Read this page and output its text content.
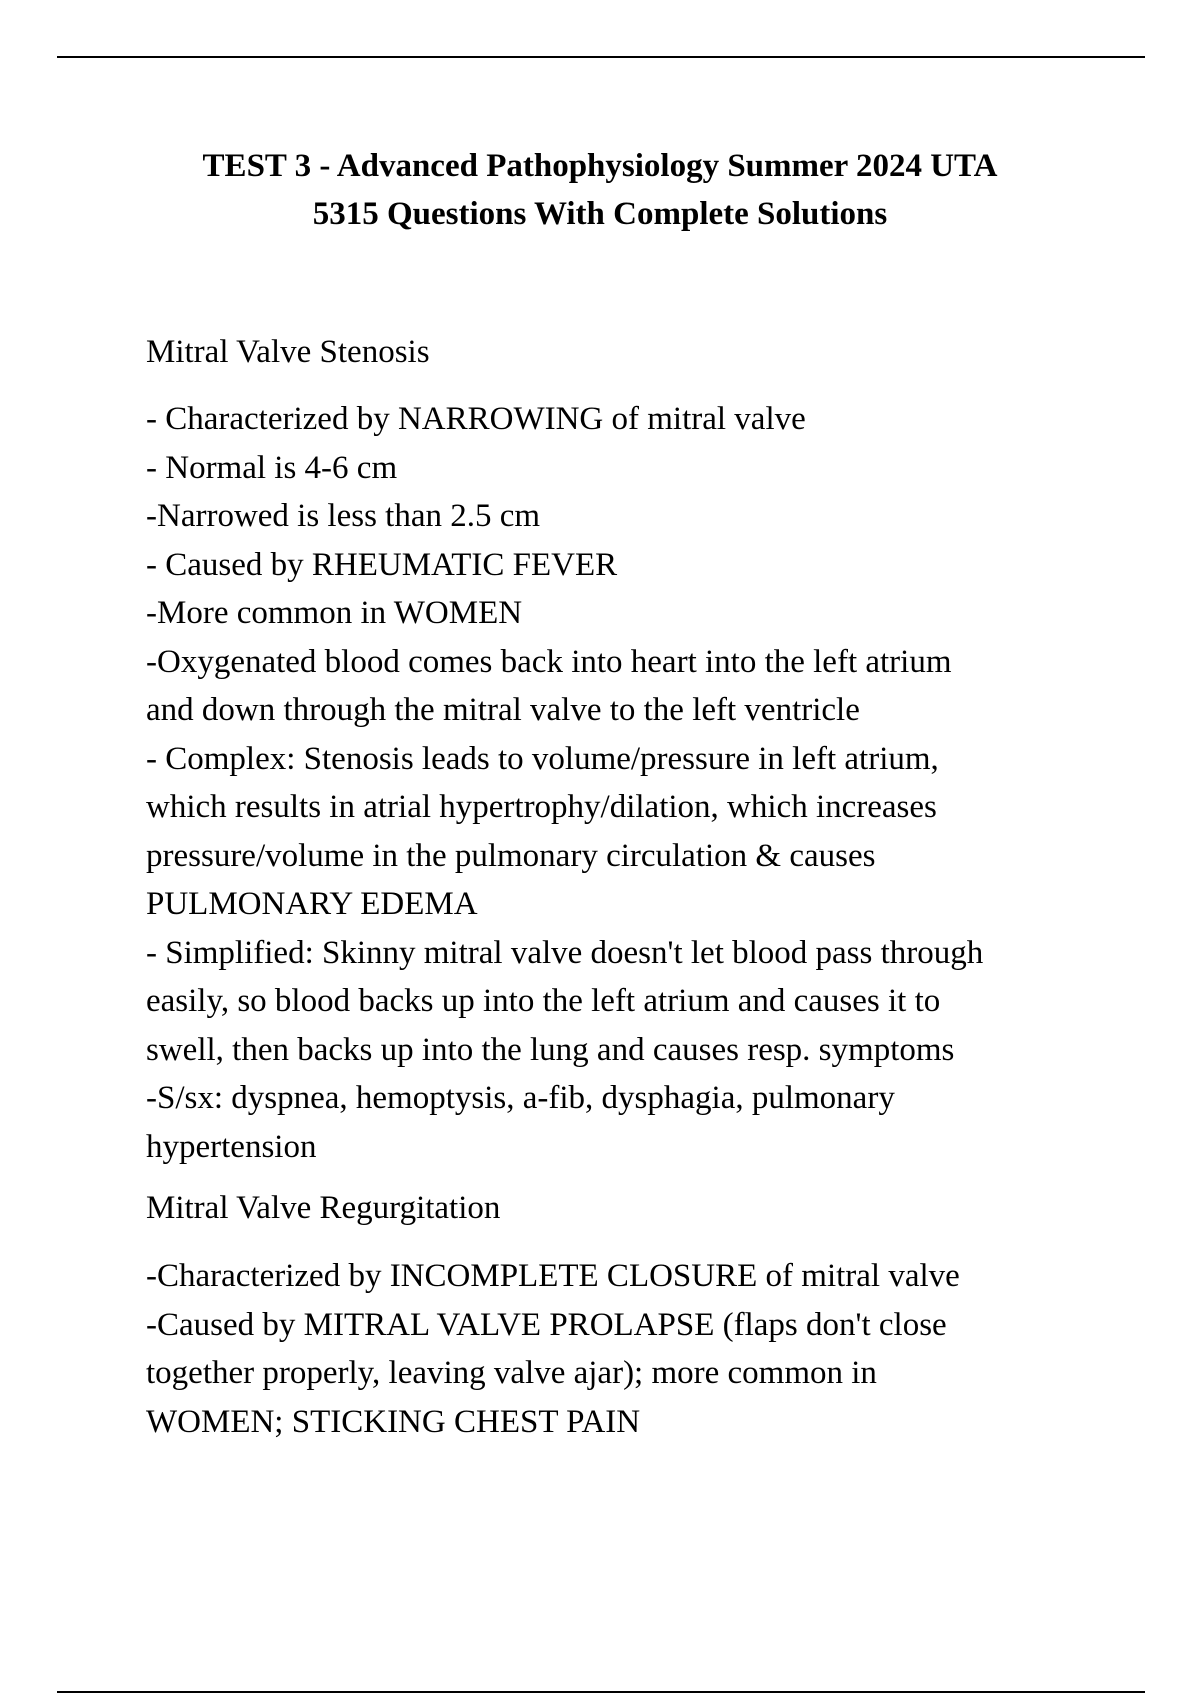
TEST 3 - Advanced Pathophysiology Summer 2024 UTA
5315 Questions With Complete Solutions
Mitral Valve Stenosis
- Characterized by NARROWING of mitral valve
- Normal is 4-6 cm
-Narrowed is less than 2.5 cm
- Caused by RHEUMATIC FEVER
-More common in WOMEN
-Oxygenated blood comes back into heart into the left atrium
and down through the mitral valve to the left ventricle
- Complex: Stenosis leads to volume/pressure in left atrium,
which results in atrial hypertrophy/dilation, which increases
pressure/volume in the pulmonary circulation & causes
PULMONARY EDEMA
- Simplified: Skinny mitral valve doesn't let blood pass through
easily, so blood backs up into the left atrium and causes it to
swell, then backs up into the lung and causes resp. symptoms
-S/sx: dyspnea, hemoptysis, a-fib, dysphagia, pulmonary
hypertension
Mitral Valve Regurgitation
-Characterized by INCOMPLETE CLOSURE of mitral valve
-Caused by MITRAL VALVE PROLAPSE (flaps don't close
together properly, leaving valve ajar); more common in
WOMEN; STICKING CHEST PAIN
